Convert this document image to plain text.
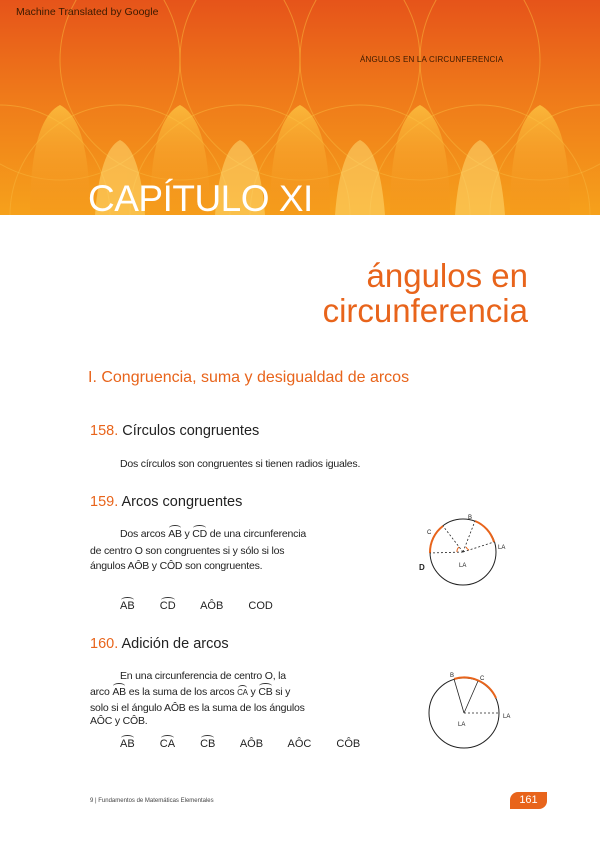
Machine Translated by Google
ÁNGULOS EN LA CIRCUNFERENCIA
CAPÍTULO XI
ángulos en
circunferencia
I. Congruencia, suma y desigualdad de arcos
158. Círculos congruentes
Dos círculos son congruentes si tienen radios iguales.
159. Arcos congruentes
Dos arcos AB y CD de una circunferencia
de centro O son congruentes si y sólo si los
ángulos AÔB y CÔD son congruentes.
AB CD AÔB COD
C
B
D
LA
LA
160. Adición de arcos
En una circunferencia de centro O, la
arco AB es la suma de los arcos CA y CB si y
solo si el ángulo AÔB es la suma de los ángulos
AÔC y CÔB.
AB CA CB AÔB AÔC CÔB
B	C
LA
LA
9 | Fundamentos de Matemáticas Elementales	161
